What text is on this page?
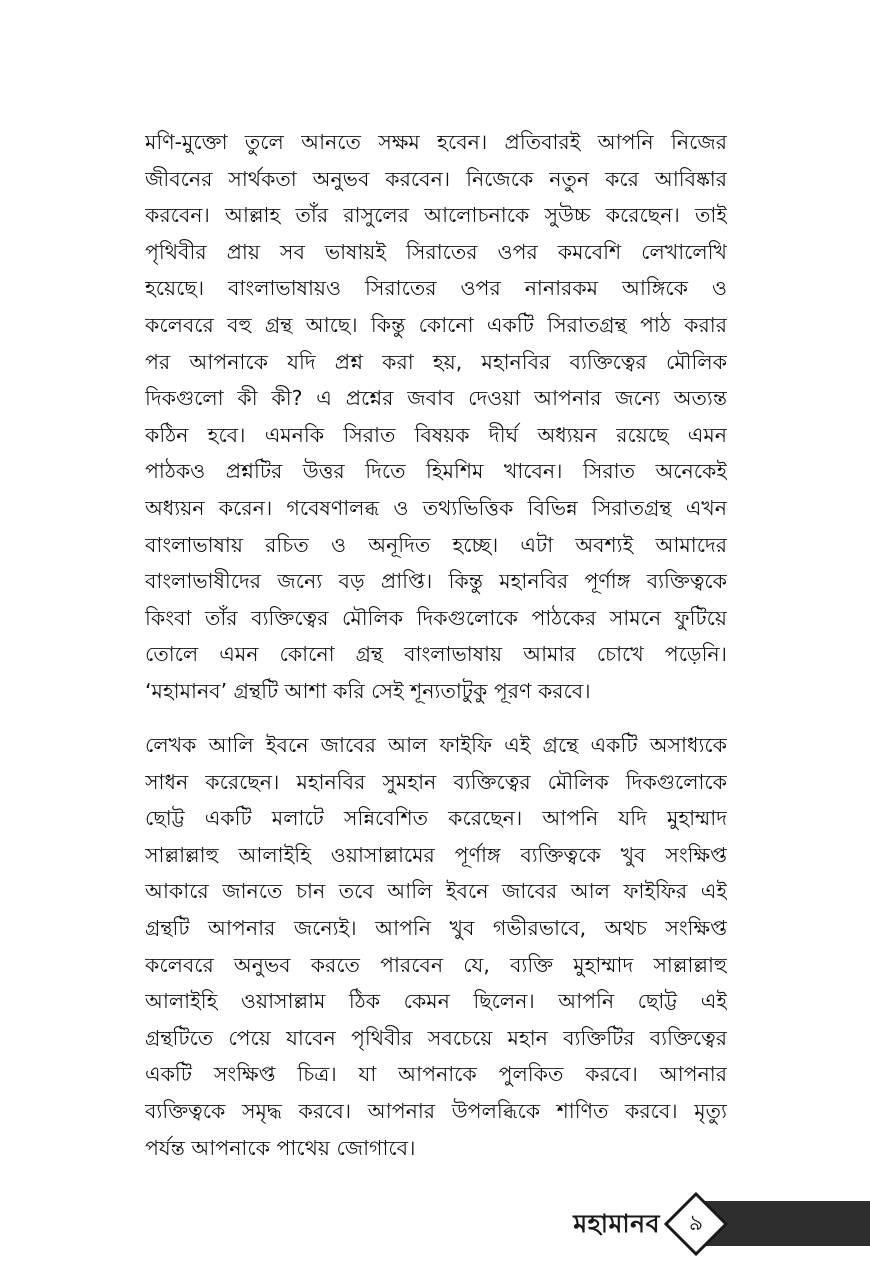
মণি-মুক্তো তুলে আনতে সক্ষম হবেন। প্রতিবারই আপনি নিজের
জীবনের সার্থকতা অনুভব করবেন। নিজেকে নতুন করে আবিষ্কার
করবেন। আল্লাহ তাঁর রাসুলের আলোচনাকে সুউচ্চ করেছেন। তাই
পৃথিবীর প্রায় সব ভাষায়ই সিরাতের ওপর কমবেশি লেখালেখি
হয়েছে। বাংলাভাষায়ও সিরাতের ওপর নানারকম আঙ্গিকে ও
কলেবরে বহু গ্রন্থ আছে। কিন্তু কোনো একটি সিরাতগ্রন্থ পাঠ করার
পর আপনাকে যদি প্রশ্ন করা হয়, মহানবির ব্যক্তিত্বের মৌলিক
দিকগুলো কী কী? এ প্রশ্নের জবাব দেওয়া আপনার জন্যে অত্যন্ত
কঠিন হবে। এমনকি সিরাত বিষয়ক দীর্ঘ অধ্যয়ন রয়েছে এমন
পাঠকও প্রশ্নটির উত্তর দিতে হিমশিম খাবেন। সিরাত অনেকেই
অধ্যয়ন করেন। গবেষণালব্ধ ও তথ্যভিত্তিক বিভিন্ন সিরাতগ্রন্থ এখন
বাংলাভাষায় রচিত ও অনূদিত হচ্ছে। এটা অবশ্যই আমাদের
বাংলাভাষীদের জন্যে বড় প্রাপ্তি। কিন্তু মহানবির পূর্ণাঙ্গ ব্যক্তিত্বকে
কিংবা তাঁর ব্যক্তিত্বের মৌলিক দিকগুলোকে পাঠকের সামনে ফুটিয়ে
তোলে এমন কোনো গ্রন্থ বাংলাভাষায় আমার চোখে পড়েনি।
‘মহামানব’ গ্রন্থটি আশা করি সেই শূন্যতাটুকু পূরণ করবে।
লেখক আলি ইবনে জাবের আল ফাইফি এই গ্রন্থে একটি অসাধ্যকে
সাধন করেছেন। মহানবির সুমহান ব্যক্তিত্বের মৌলিক দিকগুলোকে
ছোট্ট একটি মলাটে সন্নিবেশিত করেছেন। আপনি যদি মুহাম্মাদ
সাল্লাল্লাহু আলাইহি ওয়াসাল্লামের পূর্ণাঙ্গ ব্যক্তিত্বকে খুব সংক্ষিপ্ত
আকারে জানতে চান তবে আলি ইবনে জাবের আল ফাইফির এই
গ্রন্থটি আপনার জন্যেই। আপনি খুব গভীরভাবে, অথচ সংক্ষিপ্ত
কলেবরে অনুভব করতে পারবেন যে, ব্যক্তি মুহাম্মাদ সাল্লাল্লাহু
আলাইহি ওয়াসাল্লাম ঠিক কেমন ছিলেন। আপনি ছোট্ট এই
গ্রন্থটিতে পেয়ে যাবেন পৃথিবীর সবচেয়ে মহান ব্যক্তিটির ব্যক্তিত্বের
একটি সংক্ষিপ্ত চিত্র। যা আপনাকে পুলকিত করবে। আপনার
ব্যক্তিত্বকে সমৃদ্ধ করবে। আপনার উপলব্ধিকে শাণিত করবে। মৃত্যু
পর্যন্ত আপনাকে পাথেয় জোগাবে।
মহামানব	৯
